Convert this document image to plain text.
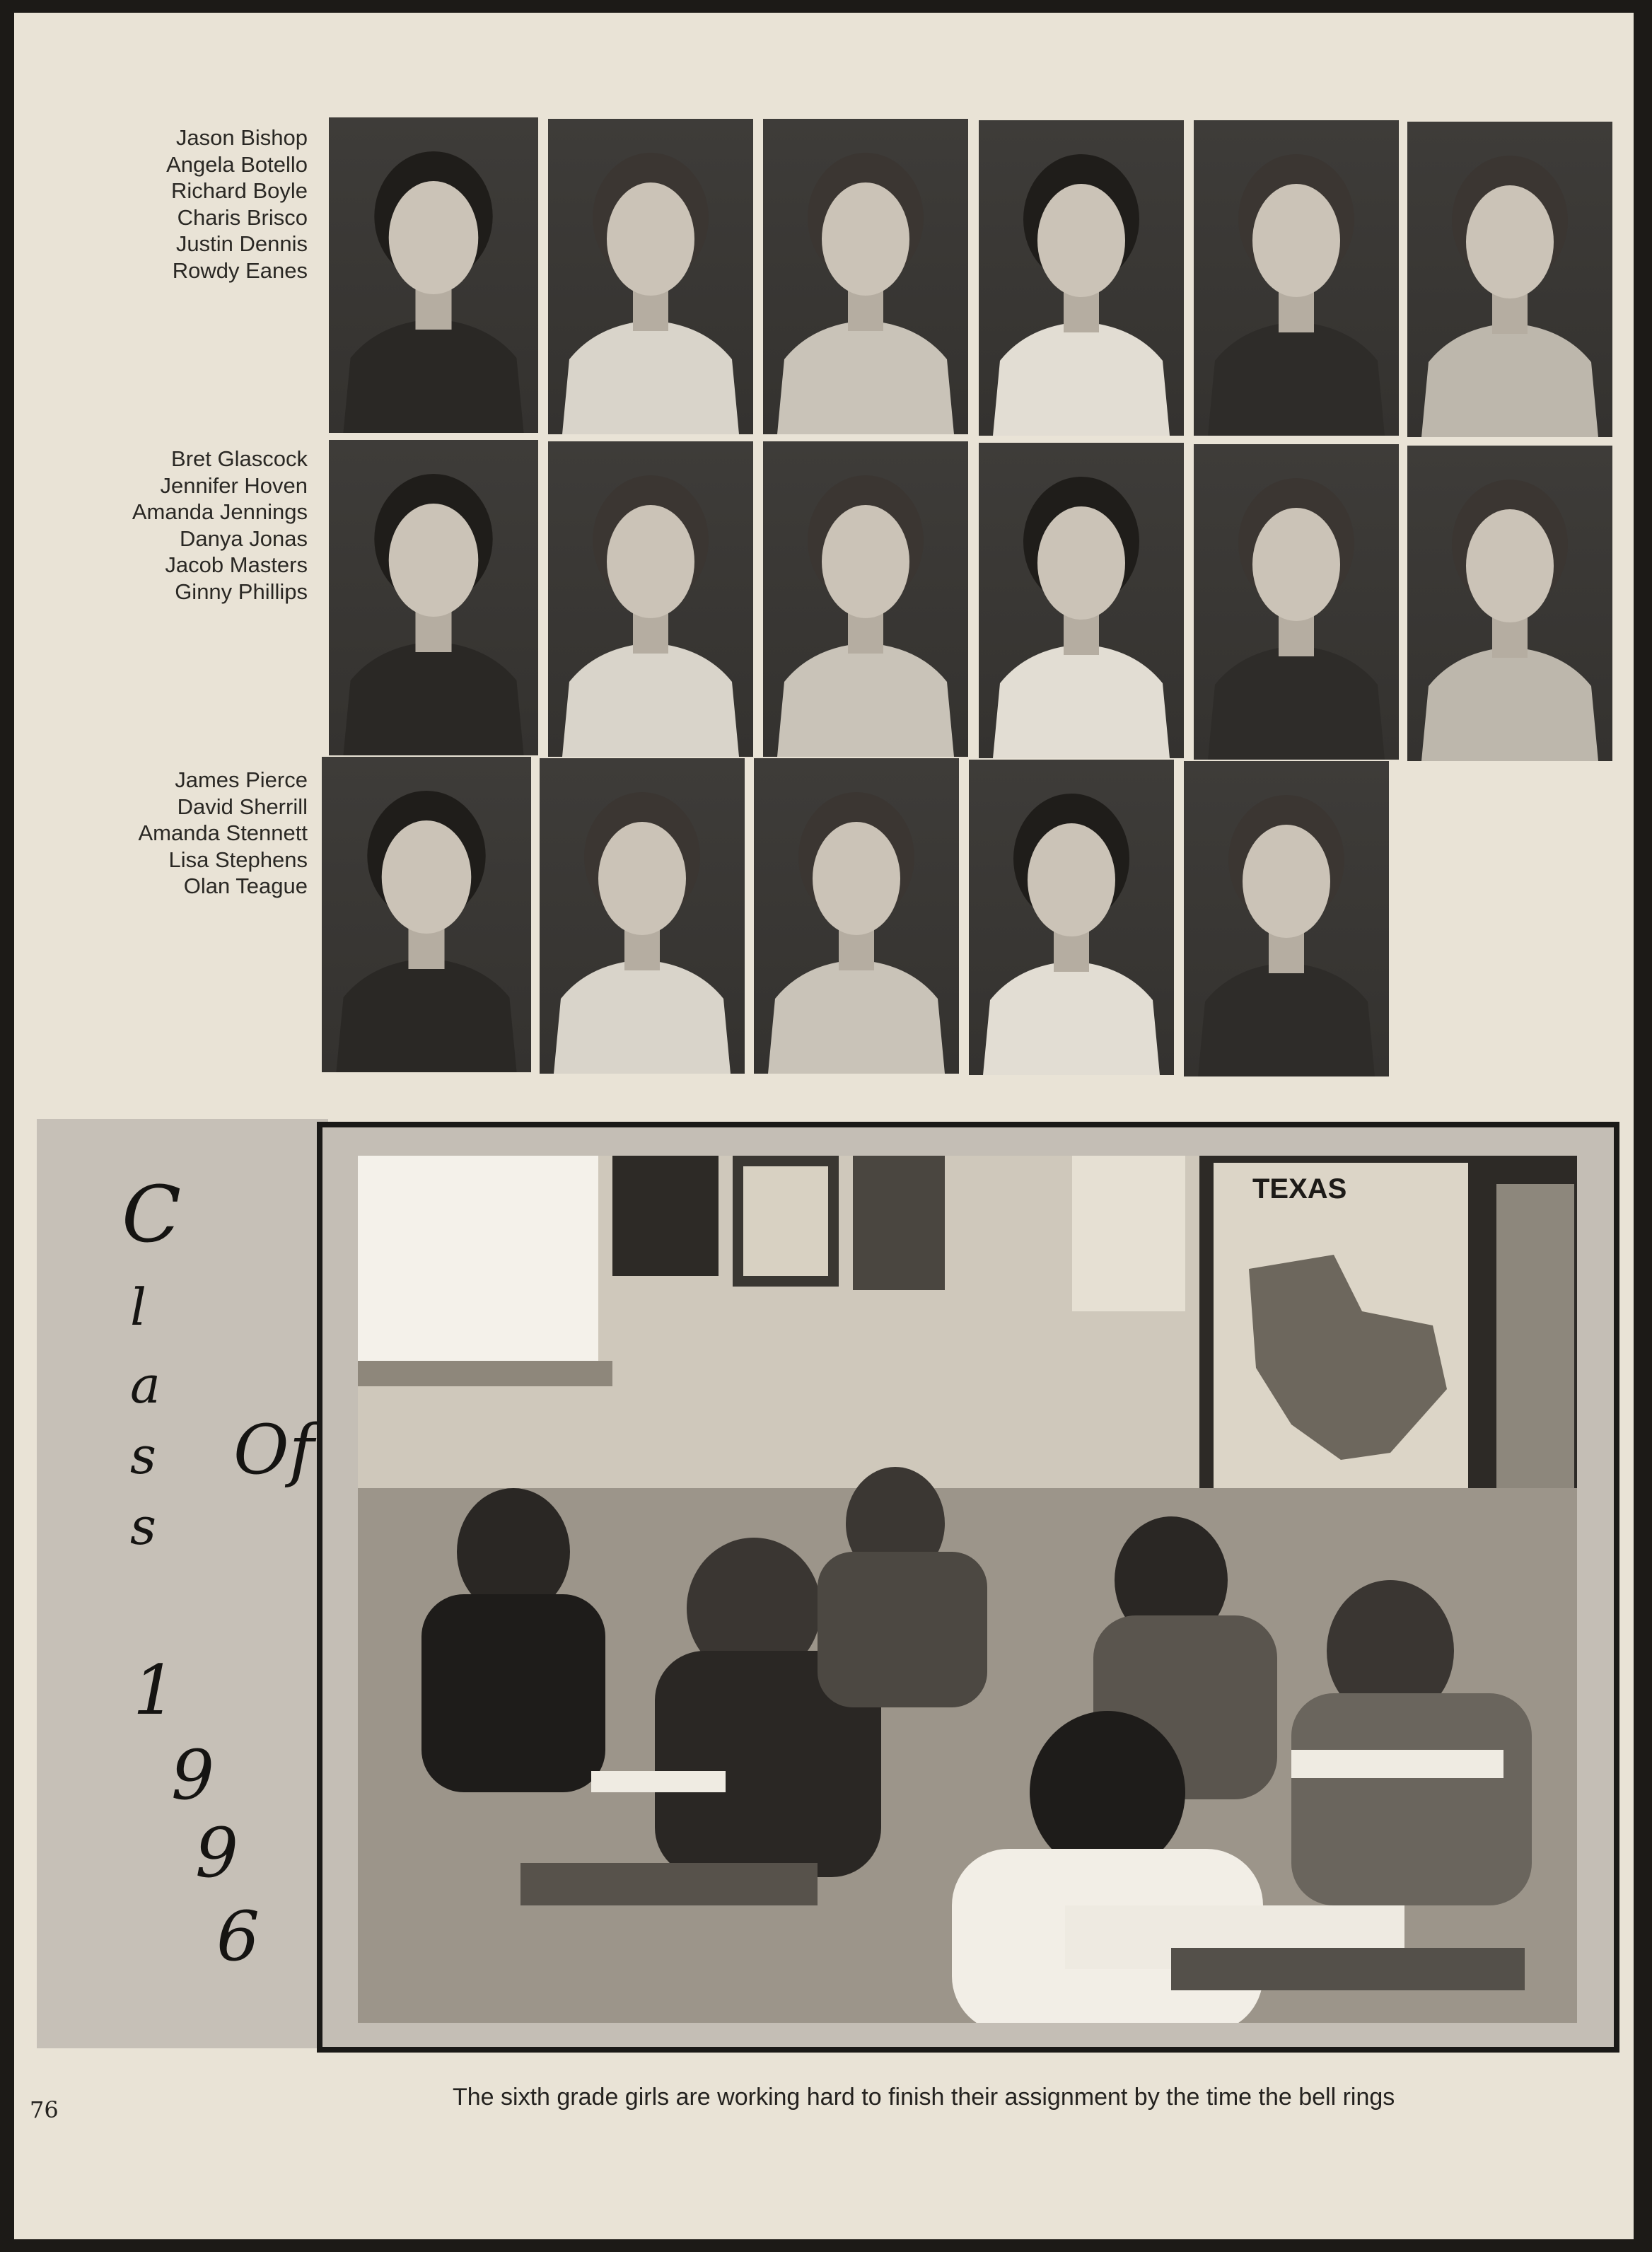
Jason Bishop
Angela Botello
Richard Boyle
Charis Brisco
Justin Dennis
Rowdy Eanes
Bret Glascock
Jennifer Hoven
Amanda Jennings
Danya Jonas
Jacob Masters
Ginny Phillips
James Pierce
David Sherrill
Amanda Stennett
Lisa Stephens
Olan Teague
C
l
a
s
s
Of
1
9
9
6
TEXAS
The sixth grade girls are working hard to finish their assignment by the time the bell rings
76
